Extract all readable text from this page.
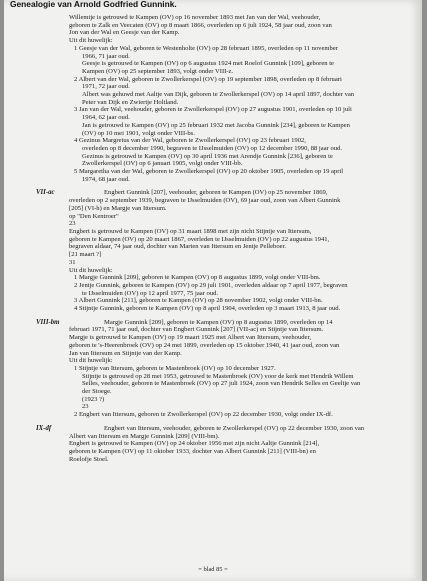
Genealogie van Arnold Godfried Gunnink.

Willemtje is getrouwd te Kampen (OV) op 16 november 1893 met Jan van der Wal, veehouder,

geboren te Zalk en Veecaten (OV) op 8 maart 1866, overleden op 6 juli 1924, 58 jaar oud, zoon van

Jon van der Wal en Geesje van der Kamp.

Uit dit huwelijk:

1 Geesje van der Wal, geboren te Westenholte (OV) op 28 februari 1895, overleden op 11 november

1966, 71 jaar oud.

Geesje is getrouwd te Kampen (OV) op 6 augustus 1924 met Roelof Gunnink [109], geboren te

Kampen (OV) op 25 september 1893, volgt onder VIII-z.

2 Albert van der Wal, geboren te Zwollerkerspel (OV) op 19 september 1898, overleden op 8 februari

1971, 72 jaar oud.

Albert was gehuwd met Aaltje van Dijk, geboren te Zwollerkerspel (OV) op 14 april 1897, dochter van

Peter van Dijk en Zwiertje Holtland.

3 Jan van der Wal, veehouder, geboren te Zwollerkerspel (OV) op 27 augustus 1901, overleden op 10 juli

1964, 62 jaar oud.

Jan is getrouwd te Kampen (OV) op 25 februari 1932 met Jacoba Gunnink [234], geboren te Kampen

(OV) op 10 mei 1901, volgt onder VIII-bs.

4 Gezinus Margretus van der Wal, geboren te Zwollerkerspel (OV) op 23 februari 1902,

overleden op 8 december 1990, begraven te IJsselmuiden (OV) op 12 december 1990, 88 jaar oud.

Gezinus is getrouwd te Kampen (OV) op 30 april 1936 met Arendje Gunnink [236], geboren te

Zwollerkerspel (OV) op 6 januari 1905, volgt onder VIII-bb.

5 Margaretha van der Wal, geboren te Zwollerkerspel (OV) op 20 oktober 1905, overleden op 19 april

1974, 68 jaar oud.

Engbert Gunnink [207], veehouder, geboren te Kampen (OV) op 25 november 1869,
VII-ac

overleden op 2 september 1939, begraven te IJsselmuiden (OV), 69 jaar oud, zoon van Albert Gunnink

[205] (VI-h) en Margje van Ittersum.

op "Den Kentroer"

23

Engbert is getrouwd te Kampen (OV) op 31 maart 1898 met zijn nicht Stijntje van Ittersum,

geboren te Kampen (OV) op 20 maart 1867, overleden te IJsselmuiden (OV) op 22 augustus 1941,

begraven aldaar, 74 jaar oud, dochter van Marten van Ittersum en Jentje Pelleboer.

[21 maart ?]

31

Uit dit huwelijk:

1 Margje Gunnink [209], geboren te Kampen (OV) op 8 augustus 1899, volgt onder VIII-bm.

2 Jentje Gunnink, geboren te Kampen (OV) op 29 juli 1901, overleden aldaar op 7 april 1977, begraven

te IJsselmuiden (OV) op 12 april 1977, 75 jaar oud.

3 Albert Gunnink [211], geboren te Kampen (OV) op 28 november 1902, volgt onder VIII-bn.

4 Stijntje Gunnink, geboren te Kampen (OV) op 8 april 1904, overleden op 3 maart 1913, 8 jaar oud.

Margje Gunnink [209], geboren te Kampen (OV) op 8 augustus 1899, overleden op 14
VIII-bm

februari 1971, 71 jaar oud, dochter van Engbert Gunnink [207] (VII-ac) en Stijntje van Ittersum.

Margje is getrouwd te Kampen (OV) op 19 maart 1925 met Albert van Ittersum, veehouder,

geboren te 's-Heerenbroek (OV) op 24 mei 1899, overleden op 15 oktober 1940, 41 jaar oud, zoon van

Jan van Ittersum en Stijntje van der Kamp.

Uit dit huwelijk:

1 Stijntje van Ittersum, geboren te Mastenbroek (OV) op 10 december 1927.

Stijntje is getrouwd op 28 mei 1953, getrouwd te Mastenbroek (OV) voor de kerk met Hendrik Willem

Selles, veehouder, geboren te Mastenbroek (OV) op 27 juli 1924, zoon van Hendrik Selles en Geeltje van

der Stoege.

(1923 ?)

23

2 Engbert van Ittersum, geboren te Zwollerkerspel (OV) op 22 december 1930, volgt onder IX-df.

Engbert van Ittersum, veehouder, geboren te Zwollerkerspel (OV) op 22 december 1930, zoon van
IX-df

Albert van Ittersum en Margje Gunnink [209] (VIII-bm).

Engbert is getrouwd te Kampen (OV) op 24 oktober 1956 met zijn nicht Aaltje Gunnink [214],

geboren te Kampen (OV) op 11 oktober 1933, dochter van Albert Gunnink [211] (VIII-bn) en

Roelofje Stoel.

= blad 85 =
